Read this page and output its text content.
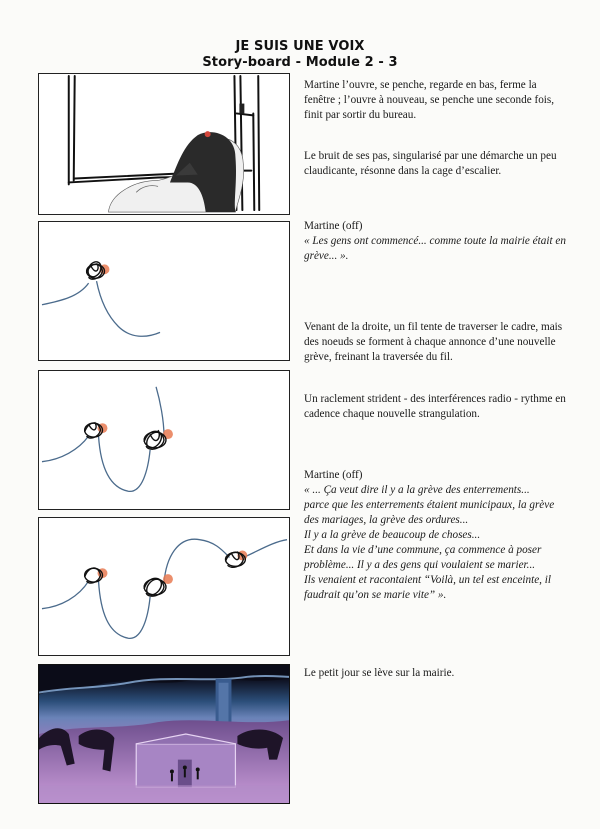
JE SUIS UNE VOIX
Story-board - Module 2 - 3

Martine l’ouvre, se penche, regarde en bas, ferme la fenêtre ; l’ouvre à nouveau, se penche une seconde fois, finit par sortir du bureau.

Le bruit de ses pas, singularisé par une démarche un peu claudicante, résonne dans la cage d’escalier.

Martine (off)

« Les gens ont commencé... comme toute la mairie était en grève... ».

Venant de la droite, un fil tente de traverser le cadre, mais des noeuds se forment à chaque annonce d’une nouvelle grève, freinant la traversée du fil.

Un raclement strident - des interférences radio - rythme en cadence chaque nouvelle strangulation.

Martine (off)

« ... Ça veut dire il y a la grève des enterrements...

parce que les enterrements étaient municipaux, la grève des mariages, la grève des ordures...

Il y a la grève de beaucoup de choses...

Et dans la vie d’une commune, ça commence à poser problème... Il y a des gens qui voulaient se marier...

Ils venaient et racontaient “Voilà, un tel est enceinte, il faudrait qu’on se marie vite” ».

Le petit jour se lève sur la mairie.
